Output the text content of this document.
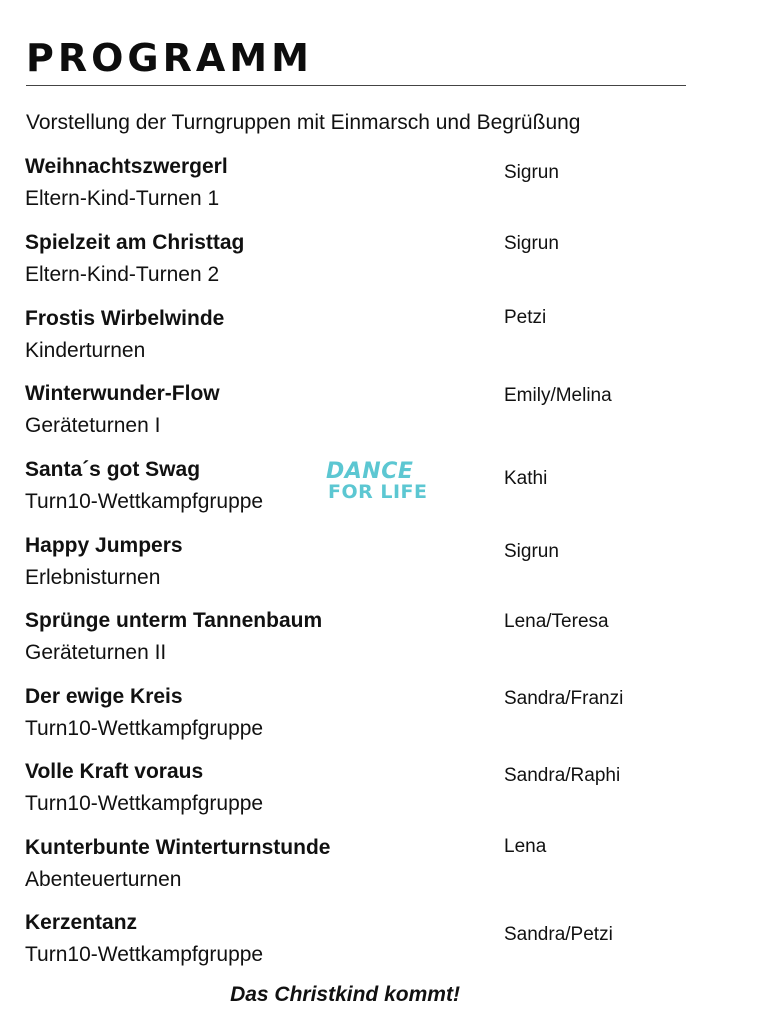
PROGRAMM
Vorstellung der Turngruppen mit Einmarsch und Begrüßung
Weihnachtszwergerl
Eltern-Kind-Turnen 1
Sigrun
Spielzeit am Christtag
Eltern-Kind-Turnen 2
Sigrun
Frostis Wirbelwinde
Kinderturnen
Petzi
Winterwunder-Flow
Geräteturnen I
Emily/Melina
Santa´s got Swag
Turn10-Wettkampfgruppe
Kathi
Happy Jumpers
Erlebnisturnen
Sigrun
Sprünge unterm Tannenbaum
Geräteturnen II
Lena/Teresa
Der ewige Kreis
Turn10-Wettkampfgruppe
Sandra/Franzi
Volle Kraft voraus
Turn10-Wettkampfgruppe
Sandra/Raphi
Kunterbunte Winterturnstunde
Abenteuerturnen
Lena
Kerzentanz
Turn10-Wettkampfgruppe
Sandra/Petzi
DANCE
FOR LIFE
Das Christkind kommt!
